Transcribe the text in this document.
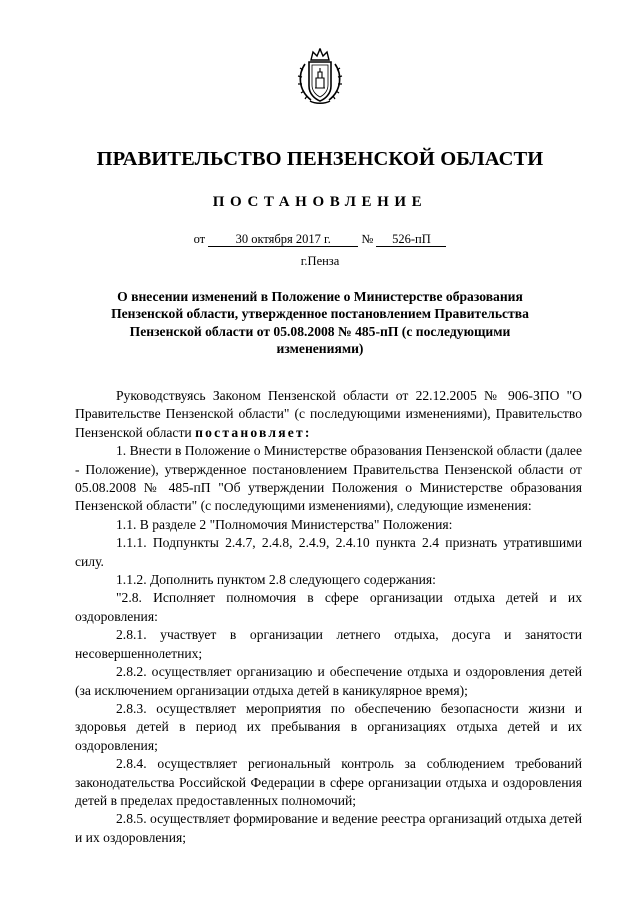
ПРАВИТЕЛЬСТВО ПЕНЗЕНСКОЙ ОБЛАСТИ
ПОСТАНОВЛЕНИЕ
от 30 октября 2017 г. № 526-пП
г.Пенза
О внесении изменений в Положение о Министерстве образования Пензенской области, утвержденное постановлением Правительства Пензенской области от 05.08.2008 № 485-пП (с последующими изменениями)

Руководствуясь Законом Пензенской области от 22.12.2005 № 906-ЗПО "О Правительстве Пензенской области" (с последующими изменениями), Правительство Пензенской области постановляет:

1. Внести в Положение о Министерстве образования Пензенской области (далее - Положение), утвержденное постановлением Правительства Пензенской области от 05.08.2008 № 485-пП "Об утверждении Положения о Министерстве образования Пензенской области" (с последующими изменениями), следующие изменения:

1.1. В разделе 2 "Полномочия Министерства" Положения:

1.1.1. Подпункты 2.4.7, 2.4.8, 2.4.9, 2.4.10 пункта 2.4 признать утратившими силу.

1.1.2. Дополнить пунктом 2.8 следующего содержания:

"2.8. Исполняет полномочия в сфере организации отдыха детей и их оздоровления:

2.8.1. участвует в организации летнего отдыха, досуга и занятости несовершеннолетних;

2.8.2. осуществляет организацию и обеспечение отдыха и оздоровления детей (за исключением организации отдыха детей в каникулярное время);

2.8.3. осуществляет мероприятия по обеспечению безопасности жизни и здоровья детей в период их пребывания в организациях отдыха детей и их оздоровления;

2.8.4. осуществляет региональный контроль за соблюдением требований законодательства Российской Федерации в сфере организации отдыха и оздоровления детей в пределах предоставленных полномочий;

2.8.5. осуществляет формирование и ведение реестра организаций отдыха детей и их оздоровления;
